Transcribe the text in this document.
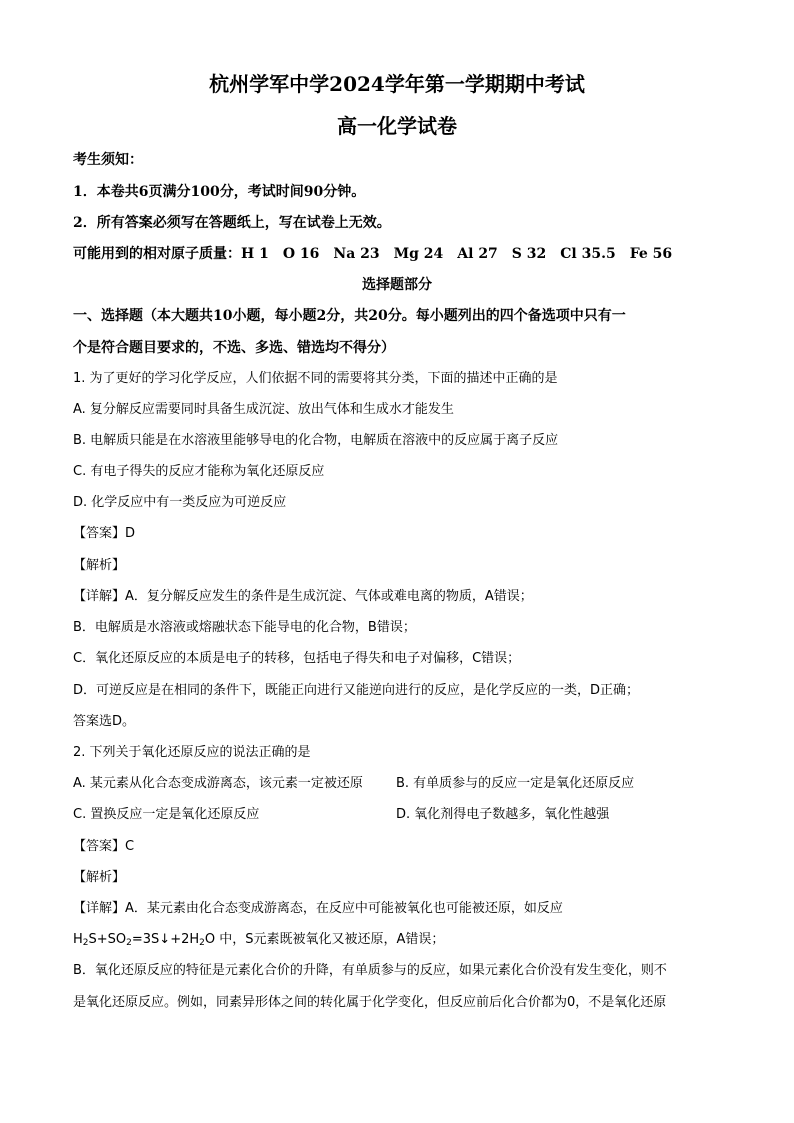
杭州学军中学2024学年第一学期期中考试
高一化学试卷
考生须知：
1．本卷共6页满分100分，考试时间90分钟。
2．所有答案必须写在答题纸上，写在试卷上无效。
可能用到的相对原子质量：H 1　O 16　Na 23　Mg 24　Al 27　S 32　Cl 35.5　Fe 56
选择题部分
一、选择题（本大题共10小题，每小题2分，共20分。每小题列出的四个备选项中只有一
个是符合题目要求的，不选、多选、错选均不得分）
1. 为了更好的学习化学反应，人们依据不同的需要将其分类，下面的描述中正确的是
A. 复分解反应需要同时具备生成沉淀、放出气体和生成水才能发生
B. 电解质只能是在水溶液里能够导电的化合物，电解质在溶液中的反应属于离子反应
C. 有电子得失的反应才能称为氧化还原反应
D. 化学反应中有一类反应为可逆反应
【答案】D
【解析】
【详解】A．复分解反应发生的条件是生成沉淀、气体或难电离的物质，A错误；
B．电解质是水溶液或熔融状态下能导电的化合物，B错误；
C．氧化还原反应的本质是电子的转移，包括电子得失和电子对偏移，C错误；
D．可逆反应是在相同的条件下，既能正向进行又能逆向进行的反应，是化学反应的一类，D正确；
答案选D。
2. 下列关于氧化还原反应的说法正确的是
A. 某元素从化合态变成游离态，该元素一定被还原	B. 有单质参与的反应一定是氧化还原反应
C. 置换反应一定是氧化还原反应	D. 氧化剂得电子数越多，氧化性越强
【答案】C
【解析】
【详解】A．某元素由化合态变成游离态，在反应中可能被氧化也可能被还原，如反应
$H_2S+SO_2=3S↓+2H_2O$ 中，S元素既被氧化又被还原，A错误；
B．氧化还原反应的特征是元素化合价的升降，有单质参与的反应，如果元素化合价没有发生变化，则不
是氧化还原反应。例如，同素异形体之间的转化属于化学变化，但反应前后化合价都为0，不是氧化还原
